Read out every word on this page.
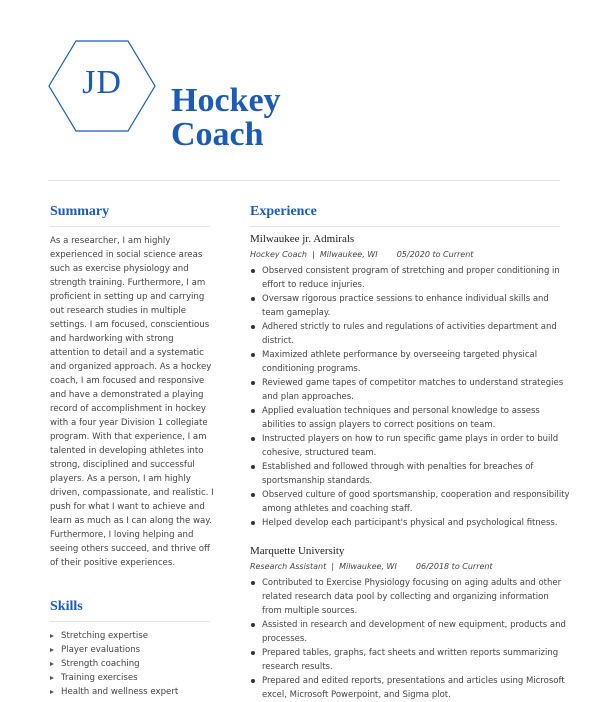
JD	Hockey
Coach
Summary

As a researcher, I am highly experienced in social science areas such as exercise physiology and strength training. Furthermore, I am proficient in setting up and carrying out research studies in multiple settings. I am focused, conscientious and hardworking with strong attention to detail and a systematic and organized approach. As a hockey coach, I am focused and responsive and have a demonstrated a playing record of accomplishment in hockey with a four year Division 1 collegiate program. With that experience, I am talented in developing athletes into strong, disciplined and successful players. As a person, I am highly driven, compassionate, and realistic. I push for what I want to achieve and learn as much as I can along the way. Furthermore, I loving helping and seeing others succeed, and thrive off of their positive experiences.

Skills
Stretching expertise
Player evaluations
Strength coaching
Training exercises
Health and wellness expert
Experience
Milwaukee jr. Admirals
Hockey Coach | Milwaukee, WI 05/2020 to Current
Observed consistent program of stretching and proper conditioning in effort to reduce injuries.
Oversaw rigorous practice sessions to enhance individual skills and team gameplay.
Adhered strictly to rules and regulations of activities department and district.
Maximized athlete performance by overseeing targeted physical conditioning programs.
Reviewed game tapes of competitor matches to understand strategies and plan approaches.
Applied evaluation techniques and personal knowledge to assess abilities to assign players to correct positions on team.
Instructed players on how to run specific game plays in order to build cohesive, structured team.
Established and followed through with penalties for breaches of sportsmanship standards.
Observed culture of good sportsmanship, cooperation and responsibility among athletes and coaching staff.
Helped develop each participant's physical and psychological fitness.
Marquette University
Research Assistant | Milwaukee, WI 06/2018 to Current
Contributed to Exercise Physiology focusing on aging adults and other related research data pool by collecting and organizing information from multiple sources.
Assisted in research and development of new equipment, products and processes.
Prepared tables, graphs, fact sheets and written reports summarizing research results.
Prepared and edited reports, presentations and articles using Microsoft excel, Microsoft Powerpoint, and Sigma plot.
